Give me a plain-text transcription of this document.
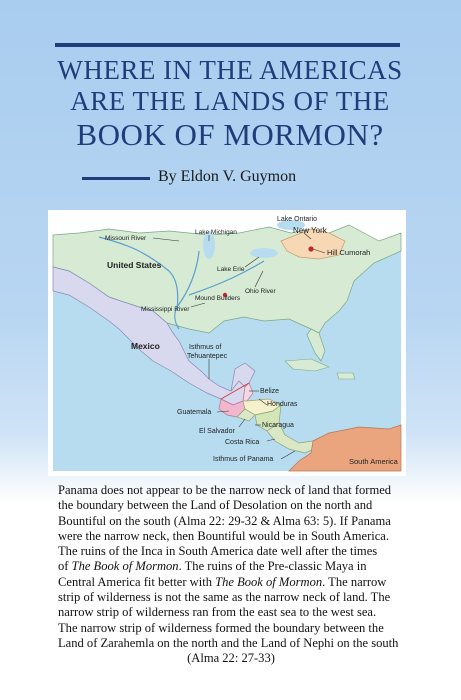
WHERE IN THE AMERICAS
ARE THE LANDS OF THE
BOOK OF MORMON?
By Eldon V. Guymon
Lake Ontario
New York
Missouri River
Lake Michigan
Hill Cumorah
United States	Lake Erie
Ohio River
Mound Builders
Mississippi River
Mexico	Isthmus of
Tehuantepec
Belize
Honduras
Guatemala
Nicaragua
El Salvador
Costa Rica
Isthmus of Panama	South America
Panama does not appear to be the narrow neck of land that formed
the boundary between the Land of Desolation on the north and
Bountiful on the south (Alma 22: 29-32 & Alma 63: 5). If Panama
were the narrow neck, then Bountiful would be in South America.
The ruins of the Inca in South America date well after the times
of The Book of Mormon. The ruins of the Pre-classic Maya in
Central America fit better with The Book of Mormon. The narrow
strip of wilderness is not the same as the narrow neck of land. The
narrow strip of wilderness ran from the east sea to the west sea.
The narrow strip of wilderness formed the boundary between the
Land of Zarahemla on the north and the Land of Nephi on the south
(Alma 22: 27-33)
